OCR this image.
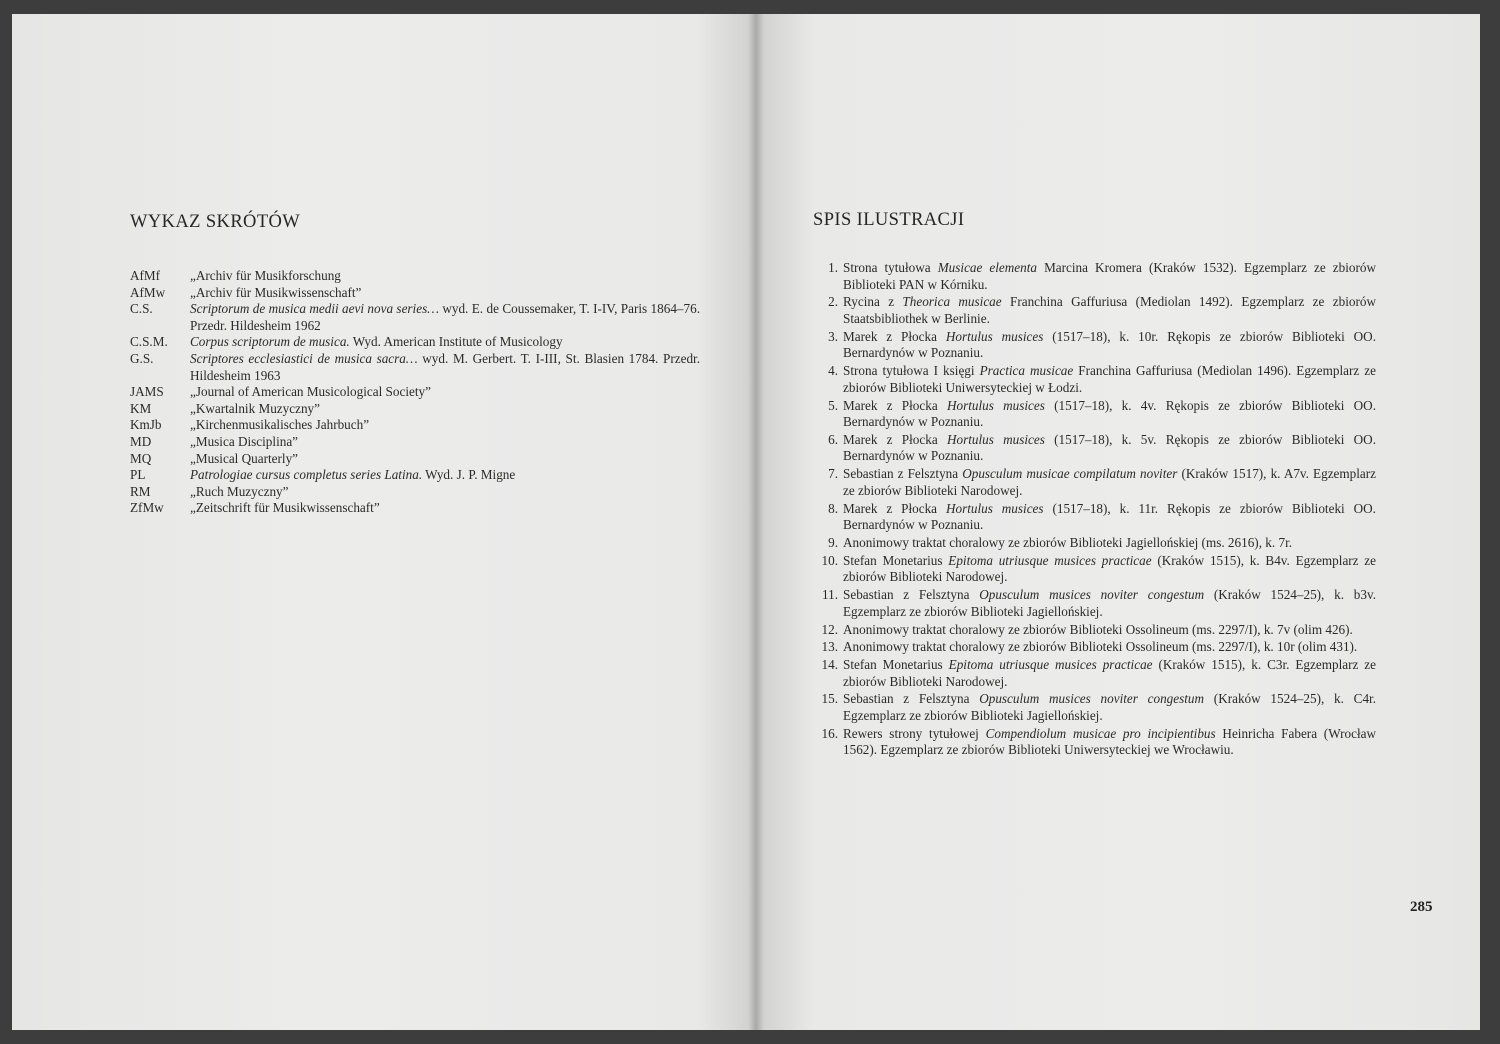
WYKAZ SKRÓTÓW
AfMf	„Archiv für Musikforschung
AfMw	„Archiv für Musikwissenschaft”
C.S.	Scriptorum de musica medii aevi nova series… wyd. E. de Coussemaker, T. I-IV, Paris 1864–76. Przedr. Hildesheim 1962
C.S.M.	Corpus scriptorum de musica. Wyd. American Institute of Musicology
G.S.	Scriptores ecclesiastici de musica sacra… wyd. M. Gerbert. T. I-III, St. Blasien 1784. Przedr. Hildesheim 1963
JAMS	„Journal of American Musicological Society”
KM	„Kwartalnik Muzyczny”
KmJb	„Kirchenmusikalisches Jahrbuch”
MD	„Musica Disciplina”
MQ	„Musical Quarterly”
PL	Patrologiae cursus completus series Latina. Wyd. J. P. Migne
RM	„Ruch Muzyczny”
ZfMw	„Zeitschrift für Musikwissenschaft”
SPIS ILUSTRACJI
1. Strona tytułowa Musicae elementa Marcina Kromera (Kraków 1532). Egzemplarz ze zbiorów Biblioteki PAN w Kórniku.
2. Rycina z Theorica musicae Franchina Gaffuriusa (Mediolan 1492). Egzemplarz ze zbiorów Staatsbibliothek w Berlinie.
3. Marek z Płocka Hortulus musices (1517–18), k. 10r. Rękopis ze zbiorów Biblioteki OO. Bernardynów w Poznaniu.
4. Strona tytułowa I księgi Practica musicae Franchina Gaffuriusa (Mediolan 1496). Egzemplarz ze zbiorów Biblioteki Uniwersyteckiej w Łodzi.
5. Marek z Płocka Hortulus musices (1517–18), k. 4v. Rękopis ze zbiorów Biblioteki OO. Bernardynów w Poznaniu.
6. Marek z Płocka Hortulus musices (1517–18), k. 5v. Rękopis ze zbiorów Biblioteki OO. Bernardynów w Poznaniu.
7. Sebastian z Felsztyna Opusculum musicae compilatum noviter (Kraków 1517), k. A7v. Egzemplarz ze zbiorów Biblioteki Narodowej.
8. Marek z Płocka Hortulus musices (1517–18), k. 11r. Rękopis ze zbiorów Biblioteki OO. Bernardynów w Poznaniu.
9. Anonimowy traktat choralowy ze zbiorów Biblioteki Jagiellońskiej (ms. 2616), k. 7r.
10. Stefan Monetarius Epitoma utriusque musices practicae (Kraków 1515), k. B4v. Egzemplarz ze zbiorów Biblioteki Narodowej.
11. Sebastian z Felsztyna Opusculum musices noviter congestum (Kraków 1524–25), k. b3v. Egzemplarz ze zbiorów Biblioteki Jagiellońskiej.
12. Anonimowy traktat choralowy ze zbiorów Biblioteki Ossolineum (ms. 2297/I), k. 7v (olim 426).
13. Anonimowy traktat choralowy ze zbiorów Biblioteki Ossolineum (ms. 2297/I), k. 10r (olim 431).
14. Stefan Monetarius Epitoma utriusque musices practicae (Kraków 1515), k. C3r. Egzemplarz ze zbiorów Biblioteki Narodowej.
15. Sebastian z Felsztyna Opusculum musices noviter congestum (Kraków 1524–25), k. C4r. Egzemplarz ze zbiorów Biblioteki Jagiellońskiej.
16. Rewers strony tytułowej Compendiolum musicae pro incipientibus Heinricha Fabera (Wrocław 1562). Egzemplarz ze zbiorów Biblioteki Uniwersyteckiej we Wrocławiu.
285
